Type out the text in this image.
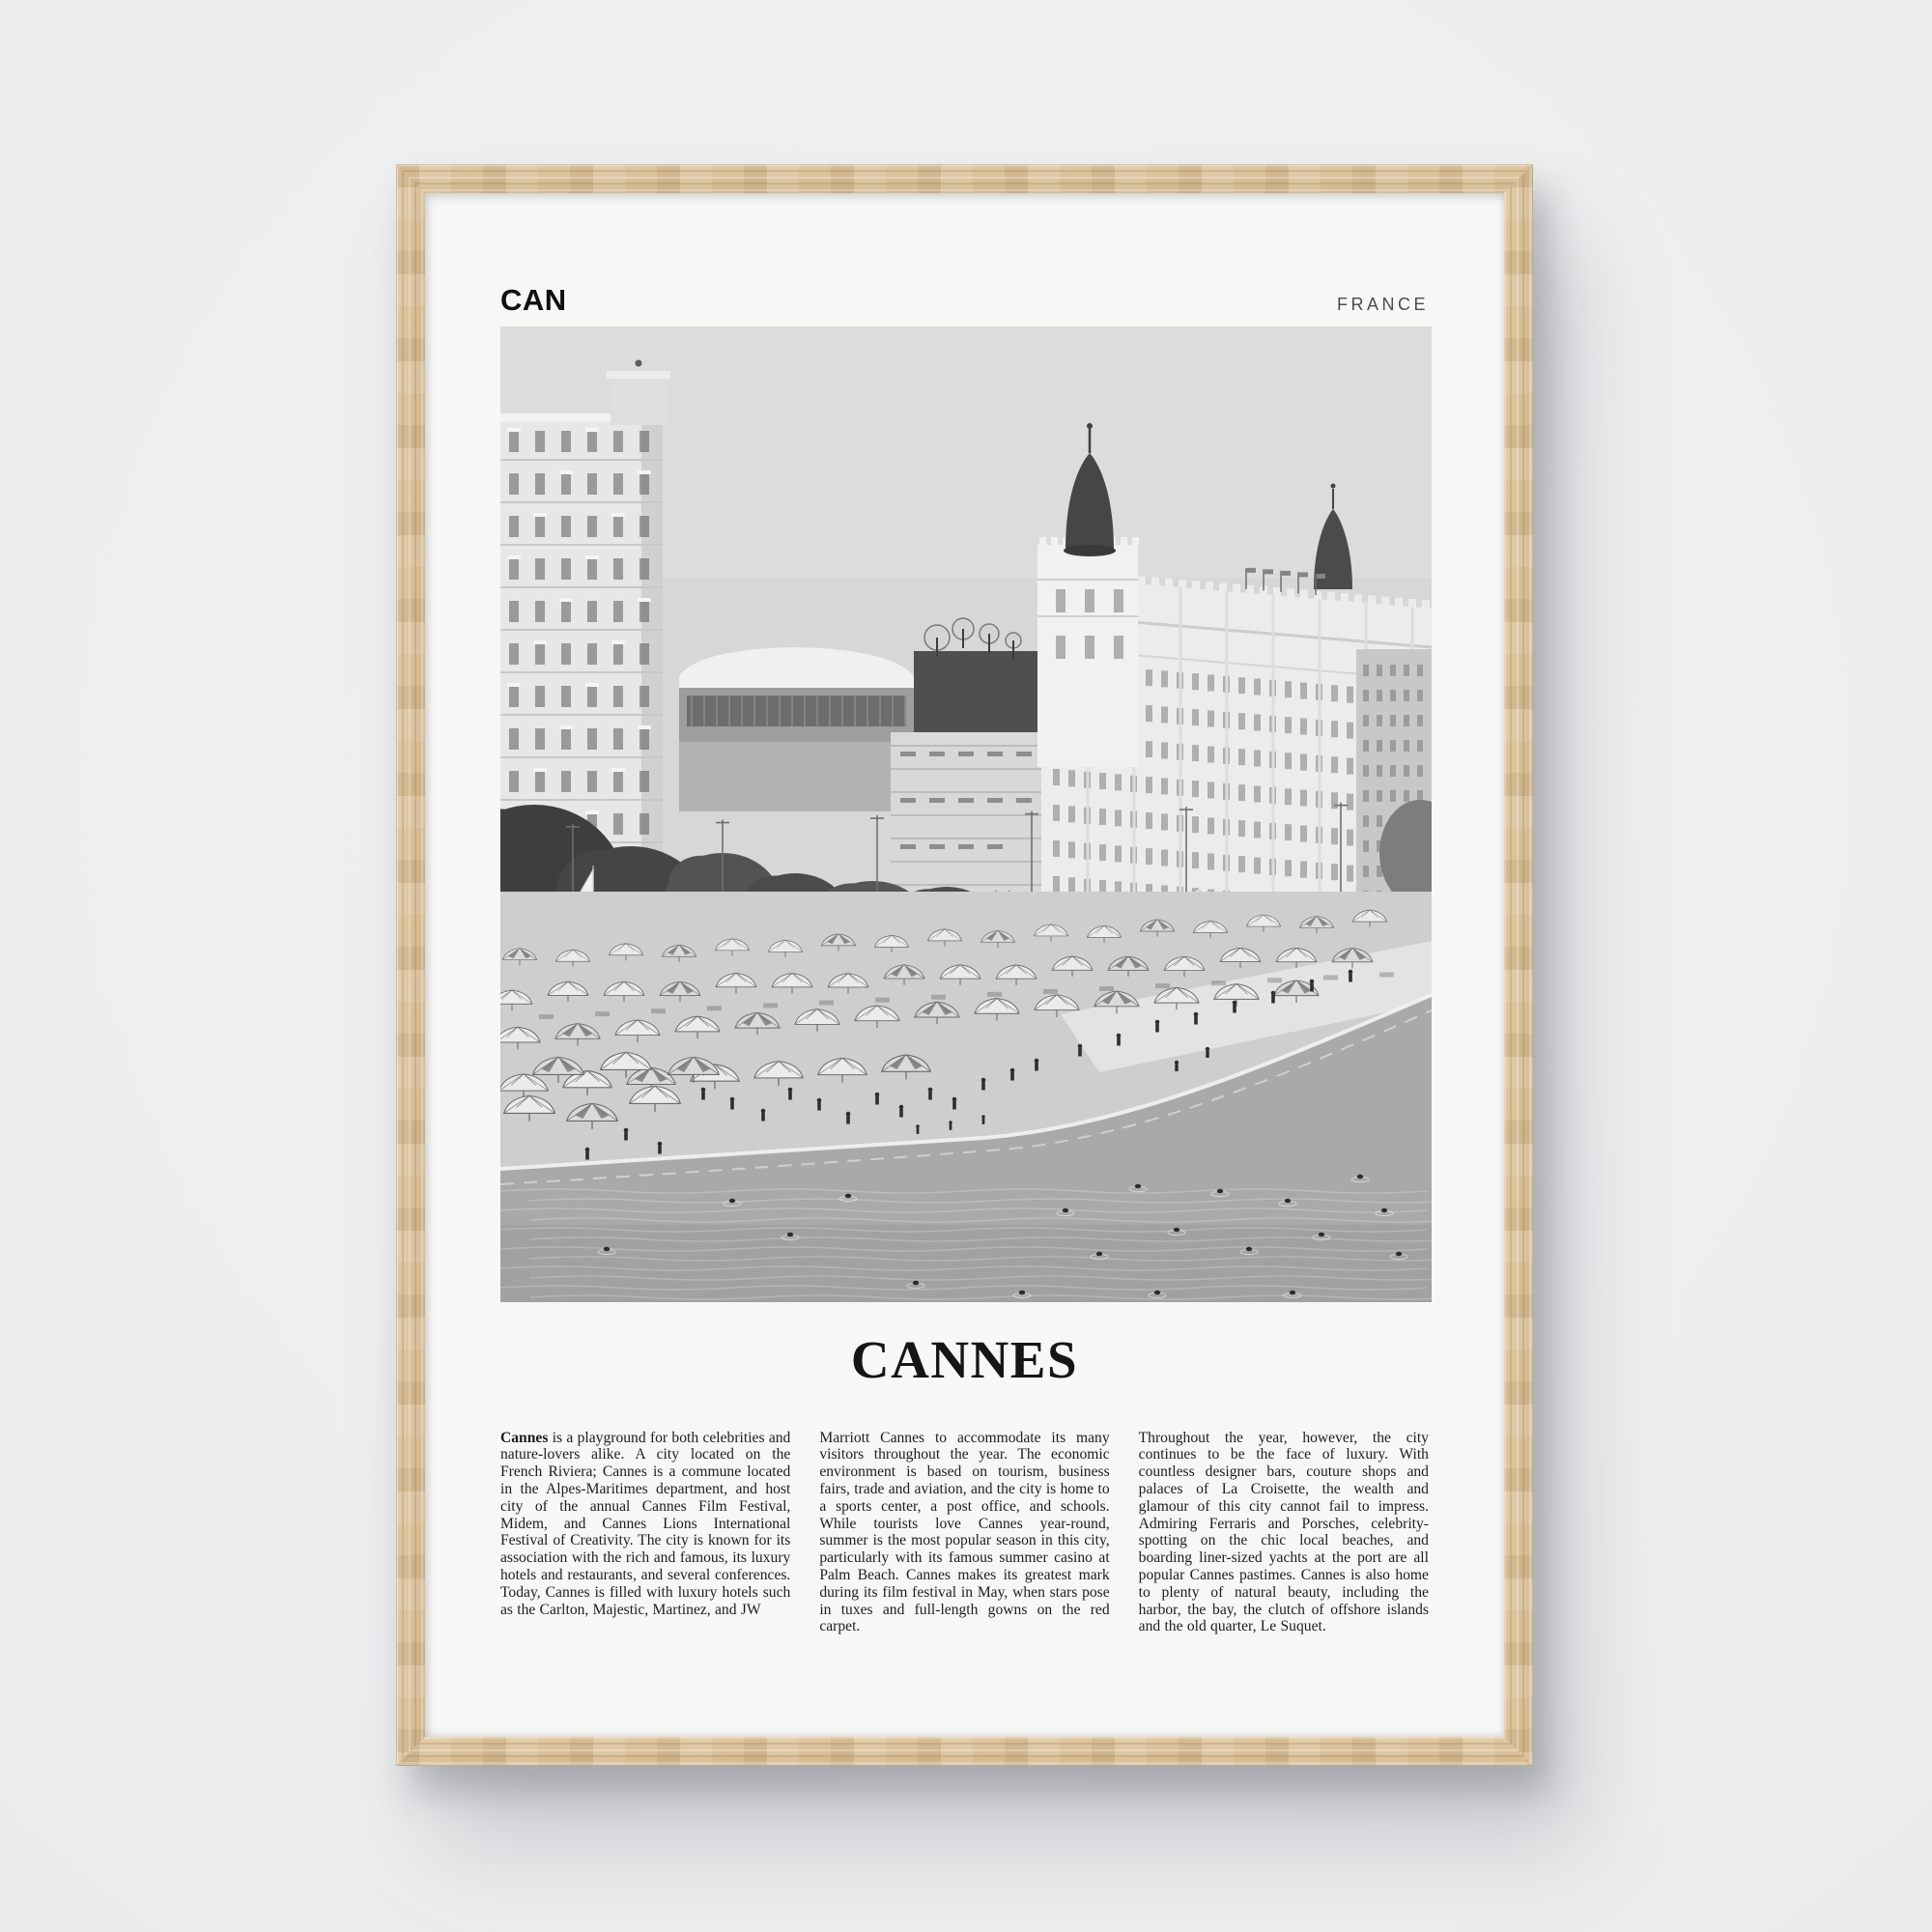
CAN	FRANCE
CANNES

Cannes is a playground for both celebrities and nature-lovers alike. A city located on the French Riviera; Cannes is a commune located in the Alpes-Maritimes department, and host city of the annual Cannes Film Festival, Midem, and Cannes Lions International Festival of Creativity. The city is known for its association with the rich and famous, its luxury hotels and restaurants, and several conferences. Today, Cannes is filled with luxury hotels such as the Carlton, Majestic, Martinez, and JW

Marriott Cannes to accommodate its many visitors throughout the year. The economic environment is based on tourism, business fairs, trade and aviation, and the city is home to a sports center, a post office, and schools. While tourists love Cannes year-round, summer is the most popular season in this city, particularly with its famous summer casino at Palm Beach. Cannes makes its greatest mark during its film festival in May, when stars pose in tuxes and full-length gowns on the red carpet.

Throughout the year, however, the city continues to be the face of luxury. With countless designer bars, couture shops and palaces of La Croisette, the wealth and glamour of this city cannot fail to impress. Admiring Ferraris and Porsches, celebrity-spotting on the chic local beaches, and boarding liner-sized yachts at the port are all popular Cannes pastimes. Cannes is also home to plenty of natural beauty, including the harbor, the bay, the clutch of offshore islands and the old quarter, Le Suquet.
